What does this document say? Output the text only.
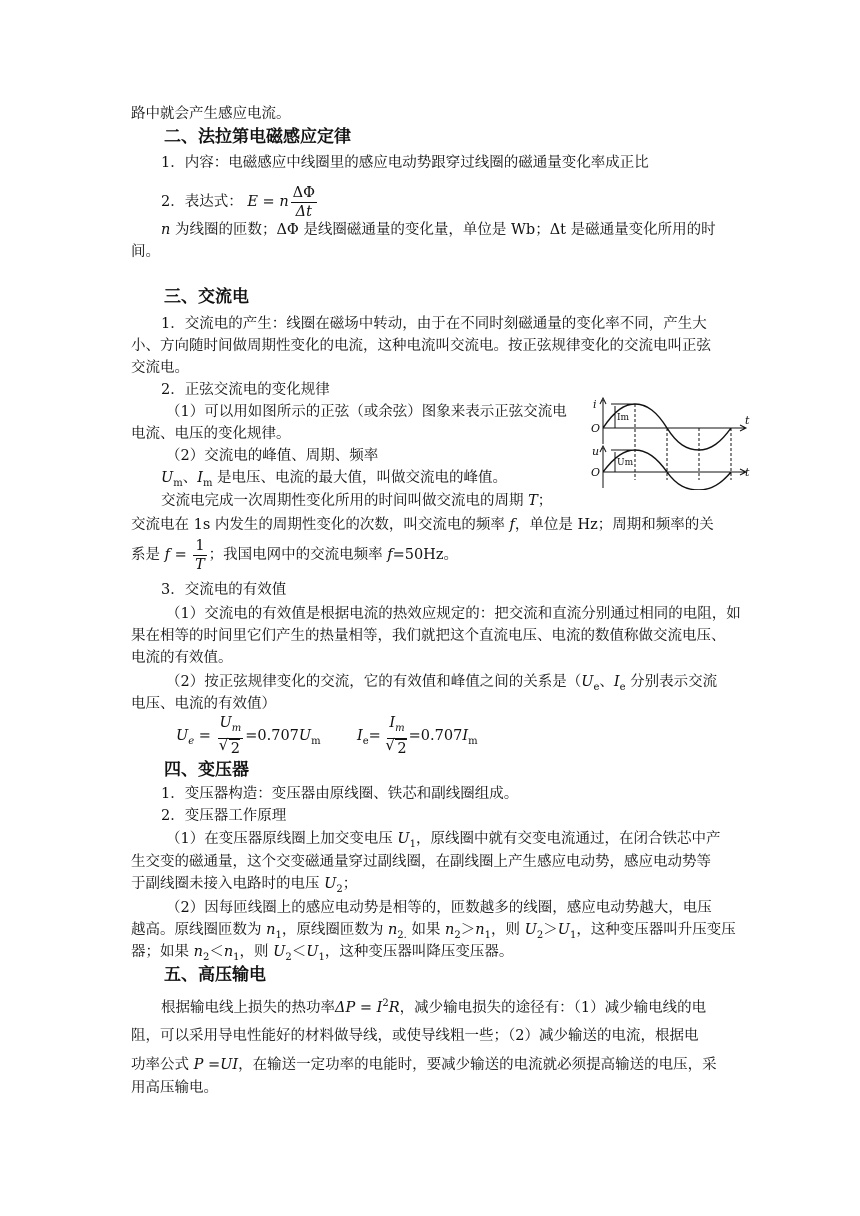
路中就会产生感应电流。
二、法拉第电磁感应定律
1．内容：电磁感应中线圈里的感应电动势跟穿过线圈的磁通量变化率成正比
2．表达式： E = n $\frac{\Delta\Phi}{\Delta t}$
n 为线圈的匝数；ΔΦ 是线圈磁通量的变化量，单位是 Wb；Δt 是磁通量变化所用的时
间。
三、交流电
1．交流电的产生：线圈在磁场中转动，由于在不同时刻磁通量的变化率不同，产生大
小、方向随时间做周期性变化的电流，这种电流叫交流电。按正弦规律变化的交流电叫正弦
交流电。
2．正弦交流电的变化规律
（1）可以用如图所示的正弦（或余弦）图象来表示正弦交流电
电流、电压的变化规律。
（2）交流电的峰值、周期、频率
$U_m$、$I_m$ 是电压、电流的最大值，叫做交流电的峰值。
交流电完成一次周期性变化所用的时间叫做交流电的周期 T；
交流电在 1s 内发生的周期性变化的次数，叫交流电的频率 f，单位是 Hz；周期和频率的关
系是 $f = \frac{1}{T}$ ；我国电网中的交流电频率 f=50Hz。
3．交流电的有效值
（1）交流电的有效值是根据电流的热效应规定的：把交流和直流分别通过相同的电阻，如
果在相等的时间里它们产生的热量相等，我们就把这个直流电压、电流的数值称做交流电压、
电流的有效值。
（2）按正弦规律变化的交流，它的有效值和峰值之间的关系是（$U_e$、$I_e$ 分别表示交流
电压、电流的有效值）
$U_e = U_m$
√ $2 =0.707U_m$	$I_e= I_m$
√ $2 =0.707I_m$
i
Im
O
t
u
Um
O	t
四、变压器
1．变压器构造：变压器由原线圈、铁芯和副线圈组成。
2．变压器工作原理
（1）在变压器原线圈上加交变电压 $U_1$，原线圈中就有交变电流通过，在闭合铁芯中产
生交变的磁通量，这个交变磁通量穿过副线圈，在副线圈上产生感应电动势，感应电动势等
于副线圈未接入电路时的电压 $U_2$；
（2）因每匝线圈上的感应电动势是相等的，匝数越多的线圈，感应电动势越大，电压
越高。原线圈匝数为 $n_1$，原线圈匝数为 $n_{2.}$ 如果 $n_2>n_1$，则 $U_2>U_1$，这种变压器叫升压变压
器；如果 $n_2<n_1$，则 $U_2<U_1$，这种变压器叫降压变压器。
五、高压输电
根据输电线上损失的热功率$\Delta P = I^2R$，减少输电损失的途径有：（1）减少输电线的电
阻，可以采用导电性能好的材料做导线，或使导线粗一些；（2）减少输送的电流，根据电
功率公式 P =UI，在输送一定功率的电能时，要减少输送的电流就必须提高输送的电压，采
用高压输电。
